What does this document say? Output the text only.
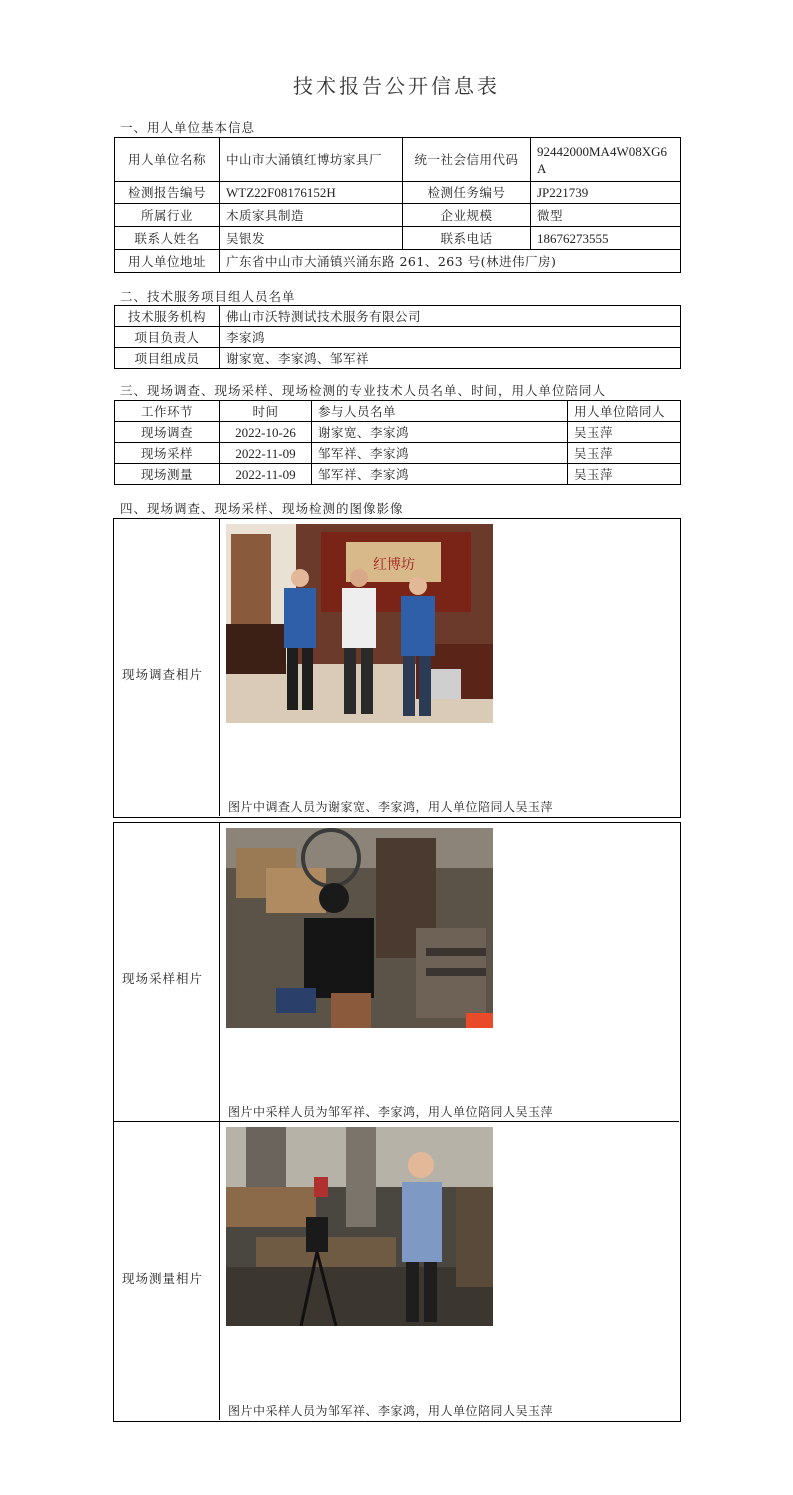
技术报告公开信息表
一、用人单位基本信息
用人单位名称	中山市大涌镇红博坊家具厂	统一社会信用代码	92442000MA4W08XG6A
检测报告编号	WTZ22F08176152H	检测任务编号	JP221739
所属行业	木质家具制造	企业规模	微型
联系人姓名	吴银发	联系电话	18676273555
用人单位地址	广东省中山市大涌镇兴涌东路 261、263 号(林进伟厂房)		
二、技术服务项目组人员名单
技术服务机构	佛山市沃特测试技术服务有限公司
项目负责人	李家鸿
项目组成员	谢家宽、李家鸿、邹军祥
三、现场调查、现场采样、现场检测的专业技术人员名单、时间，用人单位陪同人
工作环节	时间	参与人员名单	用人单位陪同人
现场调查	2022-10-26	谢家宽、李家鸿	吴玉萍
现场采样	2022-11-09	邹军祥、李家鸿	吴玉萍
现场测量	2022-11-09	邹军祥、李家鸿	吴玉萍
四、现场调查、现场采样、现场检测的图像影像
现场调查相片
红博坊
图片中调查人员为谢家宽、李家鸿，用人单位陪同人吴玉萍
现场采样相片
图片中采样人员为邹军祥、李家鸿，用人单位陪同人吴玉萍
现场测量相片
图片中采样人员为邹军祥、李家鸿，用人单位陪同人吴玉萍
